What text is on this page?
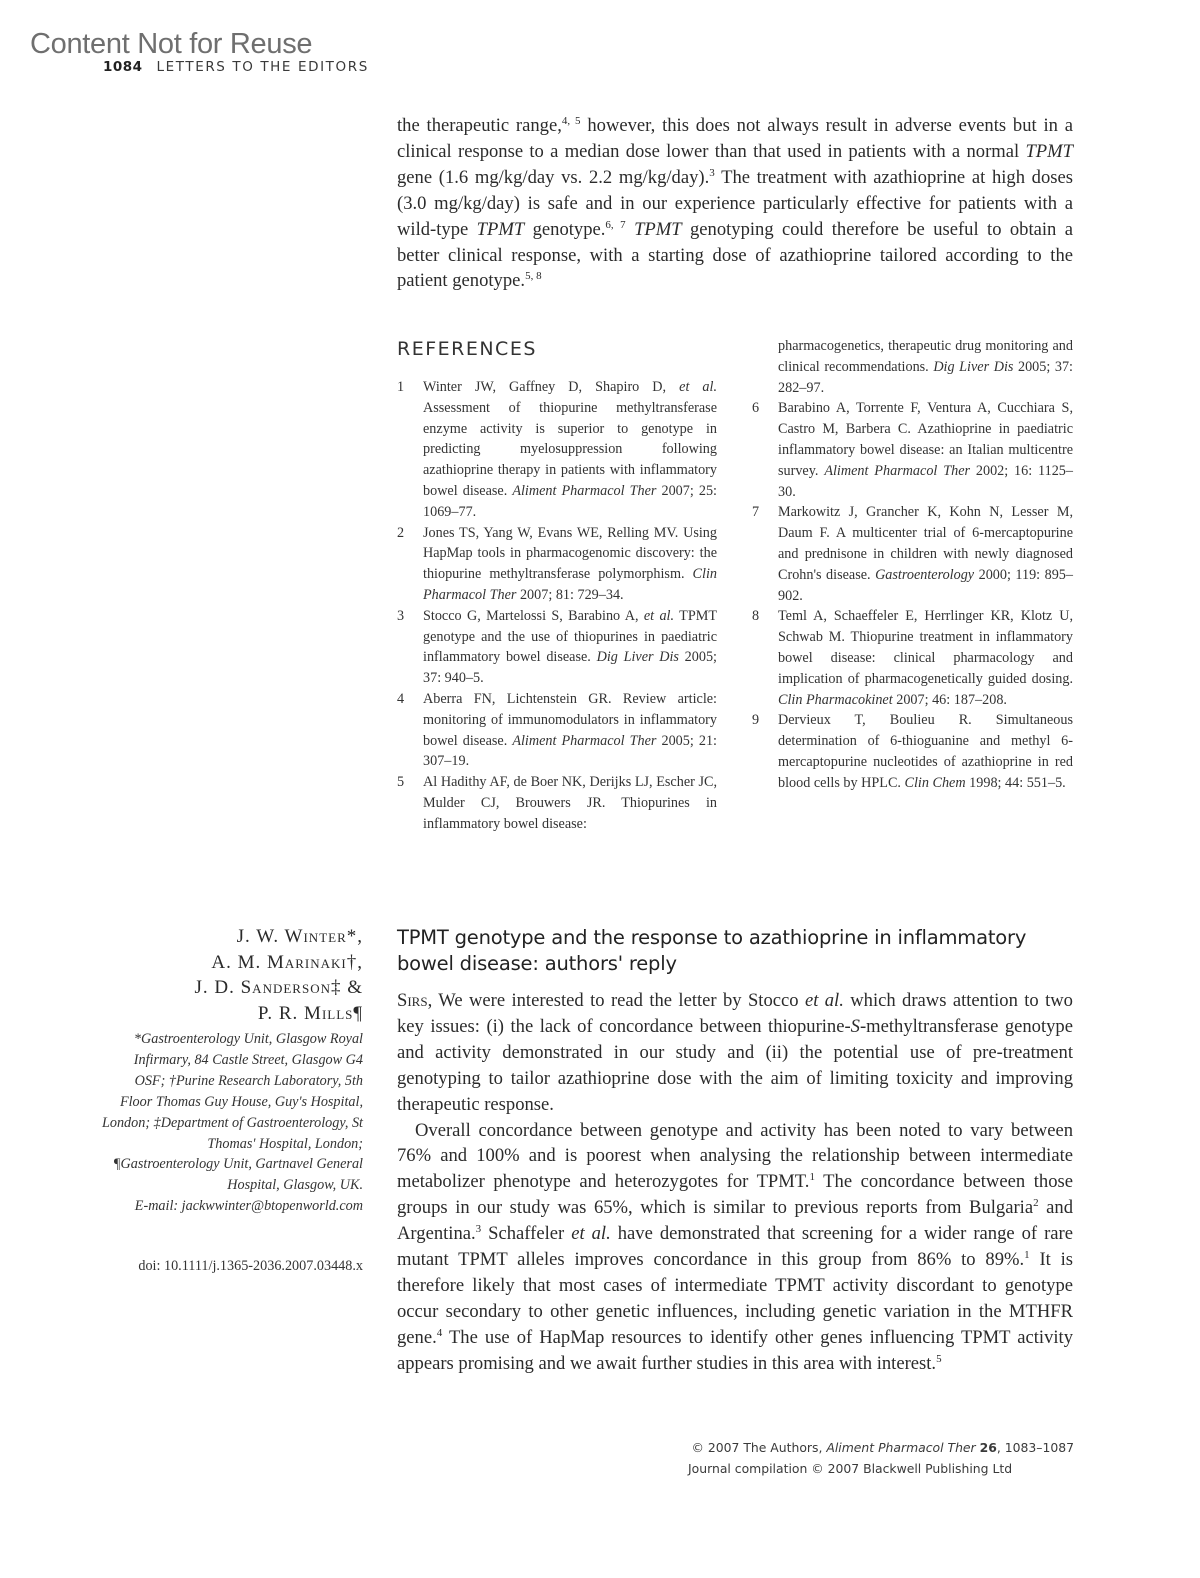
Content Not for Reuse
1084 LETTERS TO THE EDITORS

the therapeutic range,$^{4, 5}$ however, this does not always result in adverse events but in a clinical response to a median dose lower than that used in patients with a normal TPMT gene (1.6 mg/kg/day vs. 2.2 mg/kg/day).$^3$ The treatment with azathioprine at high doses (3.0 mg/kg/day) is safe and in our experience particularly effective for patients with a wild-type TPMT genotype.$^{6, 7}$ TPMT genotyping could therefore be useful to obtain a better clinical response, with a starting dose of azathioprine tailored according to the patient genotype.$^{5, 8}$

REFERENCES
1 Winter JW, Gaffney D, Shapiro D, et al. Assessment of thiopurine methyltransferase enzyme activity is superior to genotype in predicting myelosuppression following azathioprine therapy in patients with inflammatory bowel disease. Aliment Pharmacol Ther 2007; 25: 1069–77.
2 Jones TS, Yang W, Evans WE, Relling MV. Using HapMap tools in pharmacogenomic discovery: the thiopurine methyltransferase polymorphism. Clin Pharmacol Ther 2007; 81: 729–34.
3 Stocco G, Martelossi S, Barabino A, et al. TPMT genotype and the use of thiopurines in paediatric inflammatory bowel disease. Dig Liver Dis 2005; 37: 940–5.
4 Aberra FN, Lichtenstein GR. Review article: monitoring of immunomodulators in inflammatory bowel disease. Aliment Pharmacol Ther 2005; 21: 307–19.
5 Al Hadithy AF, de Boer NK, Derijks LJ, Escher JC, Mulder CJ, Brouwers JR. Thiopurines in inflammatory bowel disease:
pharmacogenetics, therapeutic drug monitoring and clinical recommendations. Dig Liver Dis 2005; 37: 282–97.
6 Barabino A, Torrente F, Ventura A, Cucchiara S, Castro M, Barbera C. Azathioprine in paediatric inflammatory bowel disease: an Italian multicentre survey. Aliment Pharmacol Ther 2002; 16: 1125–30.
7 Markowitz J, Grancher K, Kohn N, Lesser M, Daum F. A multicenter trial of 6-mercaptopurine and prednisone in children with newly diagnosed Crohn's disease. Gastroenterology 2000; 119: 895–902.
8 Teml A, Schaeffeler E, Herrlinger KR, Klotz U, Schwab M. Thiopurine treatment in inflammatory bowel disease: clinical pharmacology and implication of pharmacogenetically guided dosing. Clin Pharmacokinet 2007; 46: 187–208.
9 Dervieux T, Boulieu R. Simultaneous determination of 6-thioguanine and methyl 6-mercaptopurine nucleotides of azathioprine in red blood cells by HPLC. Clin Chem 1998; 44: 551–5.
J. W. Winter*,
A. M. Marinaki†,
J. D. Sanderson‡ &
P. R. Mills¶
*Gastroenterology Unit, Glasgow Royal Infirmary, 84 Castle Street, Glasgow G4 OSF; †Purine Research Laboratory, 5th Floor Thomas Guy House, Guy's Hospital, London; ‡Department of Gastroenterology, St Thomas' Hospital, London; ¶Gastroenterology Unit, Gartnavel General Hospital, Glasgow, UK.
E-mail: jackwwinter@btopenworld.com
doi: 10.1111/j.1365-2036.2007.03448.x
TPMT genotype and the response to azathioprine in inflammatory bowel disease: authors' reply

Sirs, We were interested to read the letter by Stocco et al. which draws attention to two key issues: (i) the lack of concordance between thiopurine-S-methyltransferase genotype and activity demonstrated in our study and (ii) the potential use of pre-treatment genotyping to tailor azathioprine dose with the aim of limiting toxicity and improving therapeutic response.

Overall concordance between genotype and activity has been noted to vary between 76% and 100% and is poorest when analysing the relationship between intermediate metabolizer phenotype and heterozygotes for TPMT.$^1$ The concordance between those groups in our study was 65%, which is similar to previous reports from Bulgaria$^2$ and Argentina.$^3$ Schaffeler et al. have demonstrated that screening for a wider range of rare mutant TPMT alleles improves concordance in this group from 86% to 89%.$^1$ It is therefore likely that most cases of intermediate TPMT activity discordant to genotype occur secondary to other genetic influences, including genetic variation in the MTHFR gene.$^4$ The use of HapMap resources to identify other genes influencing TPMT activity appears promising and we await further studies in this area with interest.$^5$

© 2007 The Authors, Aliment Pharmacol Ther 26, 1083–1087
Journal compilation © 2007 Blackwell Publishing Ltd
